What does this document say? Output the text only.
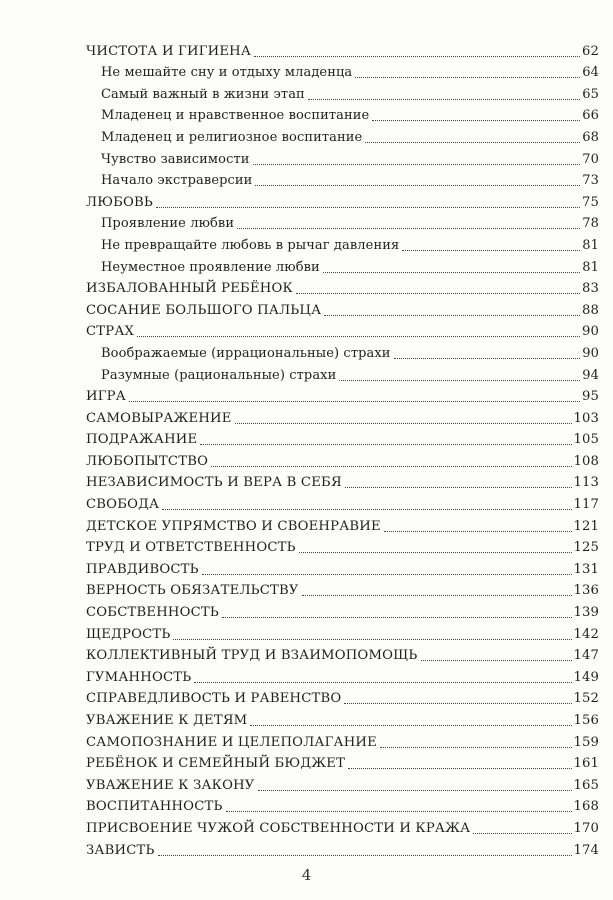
ЧИСТОТА И ГИГИЕНА	62
Не мешайте сну и отдыху младенца	64
Самый важный в жизни этап	65
Младенец и нравственное воспитание	66
Младенец и религиозное воспитание	68
Чувство зависимости	70
Начало экстраверсии	73
ЛЮБОВЬ	75
Проявление любви	78
Не превращайте любовь в рычаг давления	81
Неуместное проявление любви	81
ИЗБАЛОВАННЫЙ РЕБЁНОК	83
СОСАНИЕ БОЛЬШОГО ПАЛЬЦА	88
СТРАХ	90
Воображаемые (иррациональные) страхи	90
Разумные (рациональные) страхи	94
ИГРА	95
САМОВЫРАЖЕНИЕ	103
ПОДРАЖАНИЕ	105
ЛЮБОПЫТСТВО	108
НЕЗАВИСИМОСТЬ И ВЕРА В СЕБЯ	113
СВОБОДА	117
ДЕТСКОЕ УПРЯМСТВО И СВОЕНРАВИЕ	121
ТРУД И ОТВЕТСТВЕННОСТЬ	125
ПРАВДИВОСТЬ	131
ВЕРНОСТЬ ОБЯЗАТЕЛЬСТВУ	136
СОБСТВЕННОСТЬ	139
ЩЕДРОСТЬ	142
КОЛЛЕКТИВНЫЙ ТРУД И ВЗАИМОПОМОЩЬ	147
ГУМАННОСТЬ	149
СПРАВЕДЛИВОСТЬ И РАВЕНСТВО	152
УВАЖЕНИЕ К ДЕТЯМ	156
САМОПОЗНАНИЕ И ЦЕЛЕПОЛАГАНИЕ	159
РЕБЁНОК И СЕМЕЙНЫЙ БЮДЖЕТ	161
УВАЖЕНИЕ К ЗАКОНУ	165
ВОСПИТАННОСТЬ	168
ПРИСВОЕНИЕ ЧУЖОЙ СОБСТВЕННОСТИ И КРАЖА	170
ЗАВИСТЬ	174
4
